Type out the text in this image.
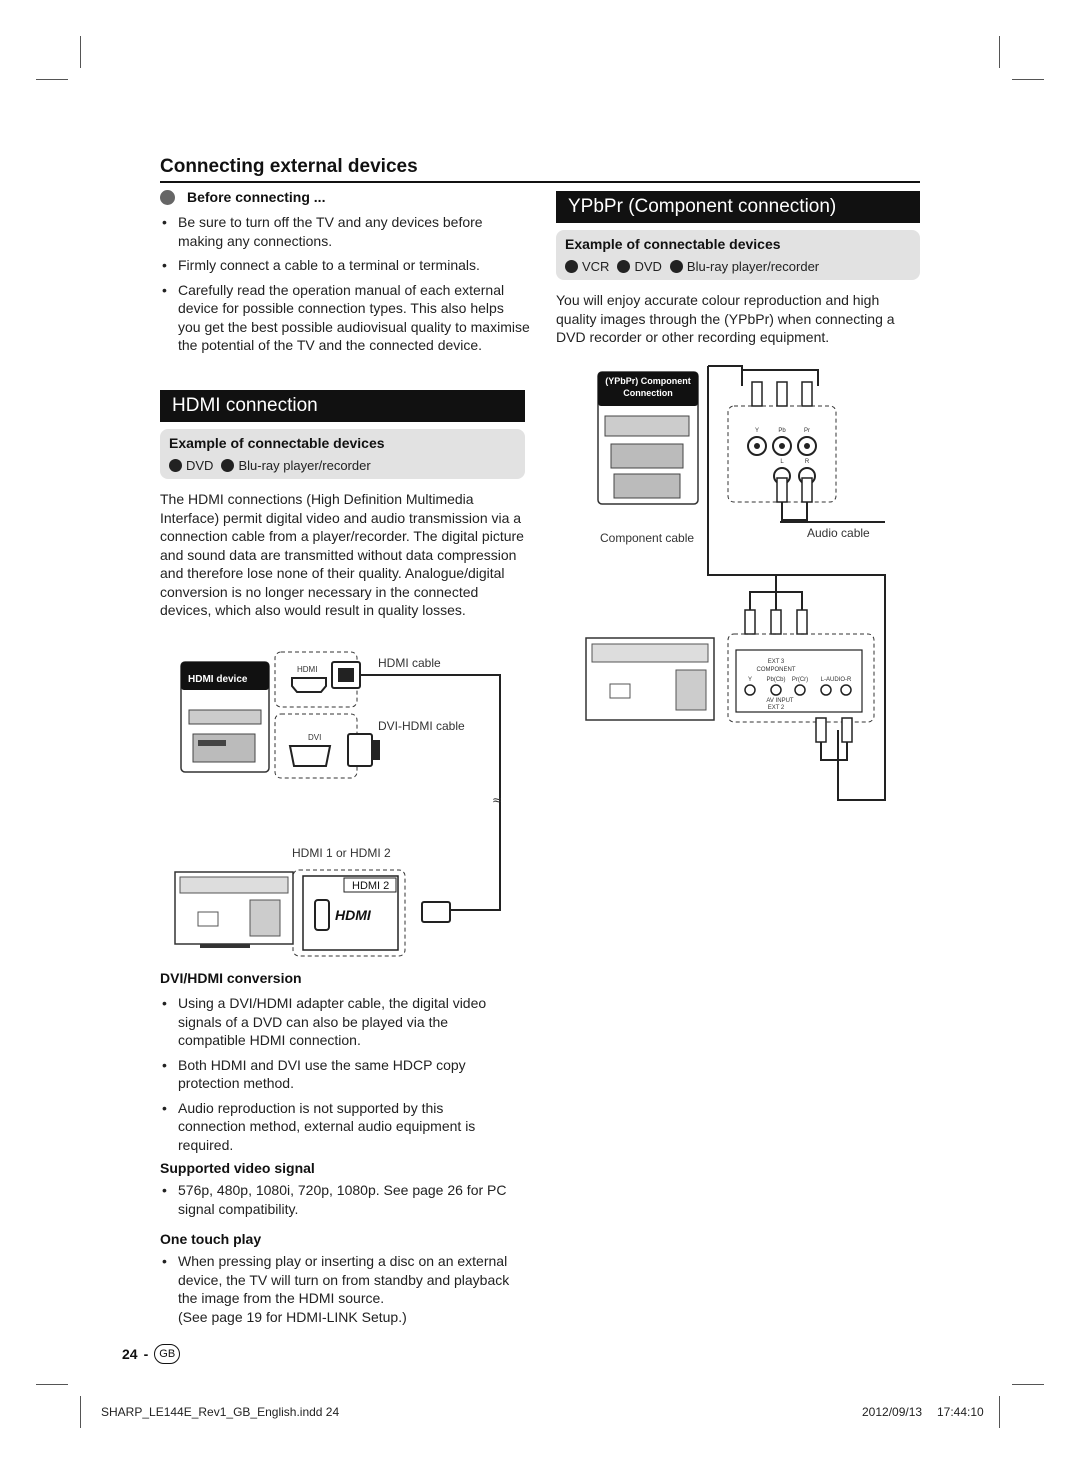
Connecting external devices
Before connecting ...
• Be sure to turn off the TV and any devices before making any connections.
• Firmly connect a cable to a terminal or terminals.
• Carefully read the operation manual of each external device for possible connection types. This also helps you get the best possible audiovisual quality to maximise the potential of the TV and the connected device.
HDMI connection
Example of connectable devices
DVD Blu-ray player/recorder
The HDMI connections (High Definition Multimedia Interface) permit digital video and audio transmission via a connection cable from a player/recorder. The digital picture and sound data are transmitted without data compression and therefore lose none of their quality. Analogue/digital conversion is no longer necessary in the connected devices, which also would result in quality losses.
HDMI device
HDMI	HDMI cable
DVI
DVI-HDMI cable
≈
HDMI 1 or HDMI 2
HDMI 2
HDMI
DVI/HDMI conversion
• Using a DVI/HDMI adapter cable, the digital video signals of a DVD can also be played via the compatible HDMI connection.
• Both HDMI and DVI use the same HDCP copy protection method.
• Audio reproduction is not supported by this connection method, external audio equipment is required.
Supported video signal
• 576p, 480p, 1080i, 720p, 1080p. See page 26 for PC signal compatibility.
One touch play
• When pressing play or inserting a disc on an external device, the TV will turn on from standby and playback the image from the HDMI source.
(See page 19 for HDMI-LINK Setup.)
24 -	GB
YPbPr (Component connection)
Example of connectable devices
VCR DVD Blu-ray player/recorder
You will enjoy accurate colour reproduction and high quality images through the (YPbPr) when connecting a DVD recorder or other recording equipment.
(YPbPr) Component
Connection
Y	Pb	Pr
L	R
Component cable	Audio cable
EXT 3
COMPONENT
Y Pb(Cb) Pr(Cr) L-AUDIO-R
AV INPUT
EXT 2
SHARP_LE144E_Rev1_GB_English.indd 24	2012/09/13 17:44:10
